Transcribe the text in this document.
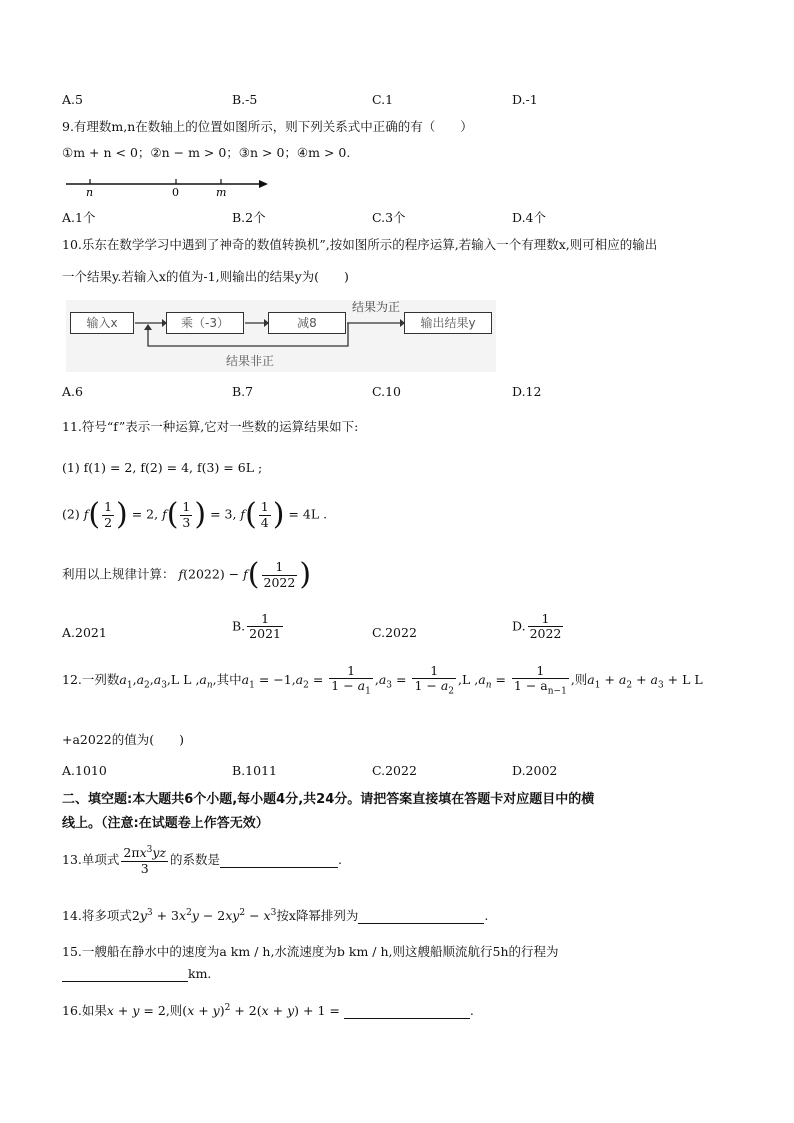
A.5	B.-5	C.1	D.-1
9.有理数m,n在数轴上的位置如图所示，则下列关系式中正确的有（　　）
①m + n < 0；②n − m > 0；③n > 0；④m > 0.
n	0	m
A.1个	B.2个	C.3个	D.4个
10.乐东在数学学习中遇到了神奇的数值转换机”,按如图所示的程序运算,若输入一个有理数x,则可相应的输出
一个结果y.若输入x的值为-1,则输出的结果y为(　　)
输入x	乘（-3）	减8	输出结果y
结果为正
结果非正
A.6	B.7	C.10	D.12
11.符号“f”表示一种运算,它对一些数的运算结果如下:
(1) f(1) = 2, f(2) = 4, f(3) = 6L ;
(2) $f( \frac{1}{2}$ ) = 2, $f( \frac{1}{3}$ ) = 3, $f( \frac{1}{4}$ ) = 4L .
利用以上规律计算： $f(2022) - f( \frac{1}{2022}$ )
A.2021	B. $\frac{1}{2021}$	C.2022	D. $\frac{1}{2022}$
12.一列数$a_1,a_2,a_3,L$ L $,a_n$,其中$a_1 = -1,a_2 = \frac{1}{1 - a_1} ,a_3 = \frac{1}{1 - a_2} ,L$ $,a_n = \frac{1}{1 - a_{n-1}}$ ,则$a_1 + a_2 + a_3 + L$ L
+a2022的值为(　　)
A.1010	B.1011	C.2022	D.2002
二、填空题:本大题共6个小题,每小题4分,共24分。请把答案直接填在答题卡对应题目中的横
线上。（注意:在试题卷上作答无效）
13.单项式 $\frac{2\pi x^3yz}{3}$ 的系数是	.
14.将多项式$2y^3 + 3x^2y - 2xy^2 - x^3$按x降幂排列为	.
15.一艘船在静水中的速度为a km / h,水流速度为b km / h,则这艘船顺流航行5h的行程为
km.
16.如果x + y = 2,则$(x + y)^2 + 2(x + y) + 1$ =	.
